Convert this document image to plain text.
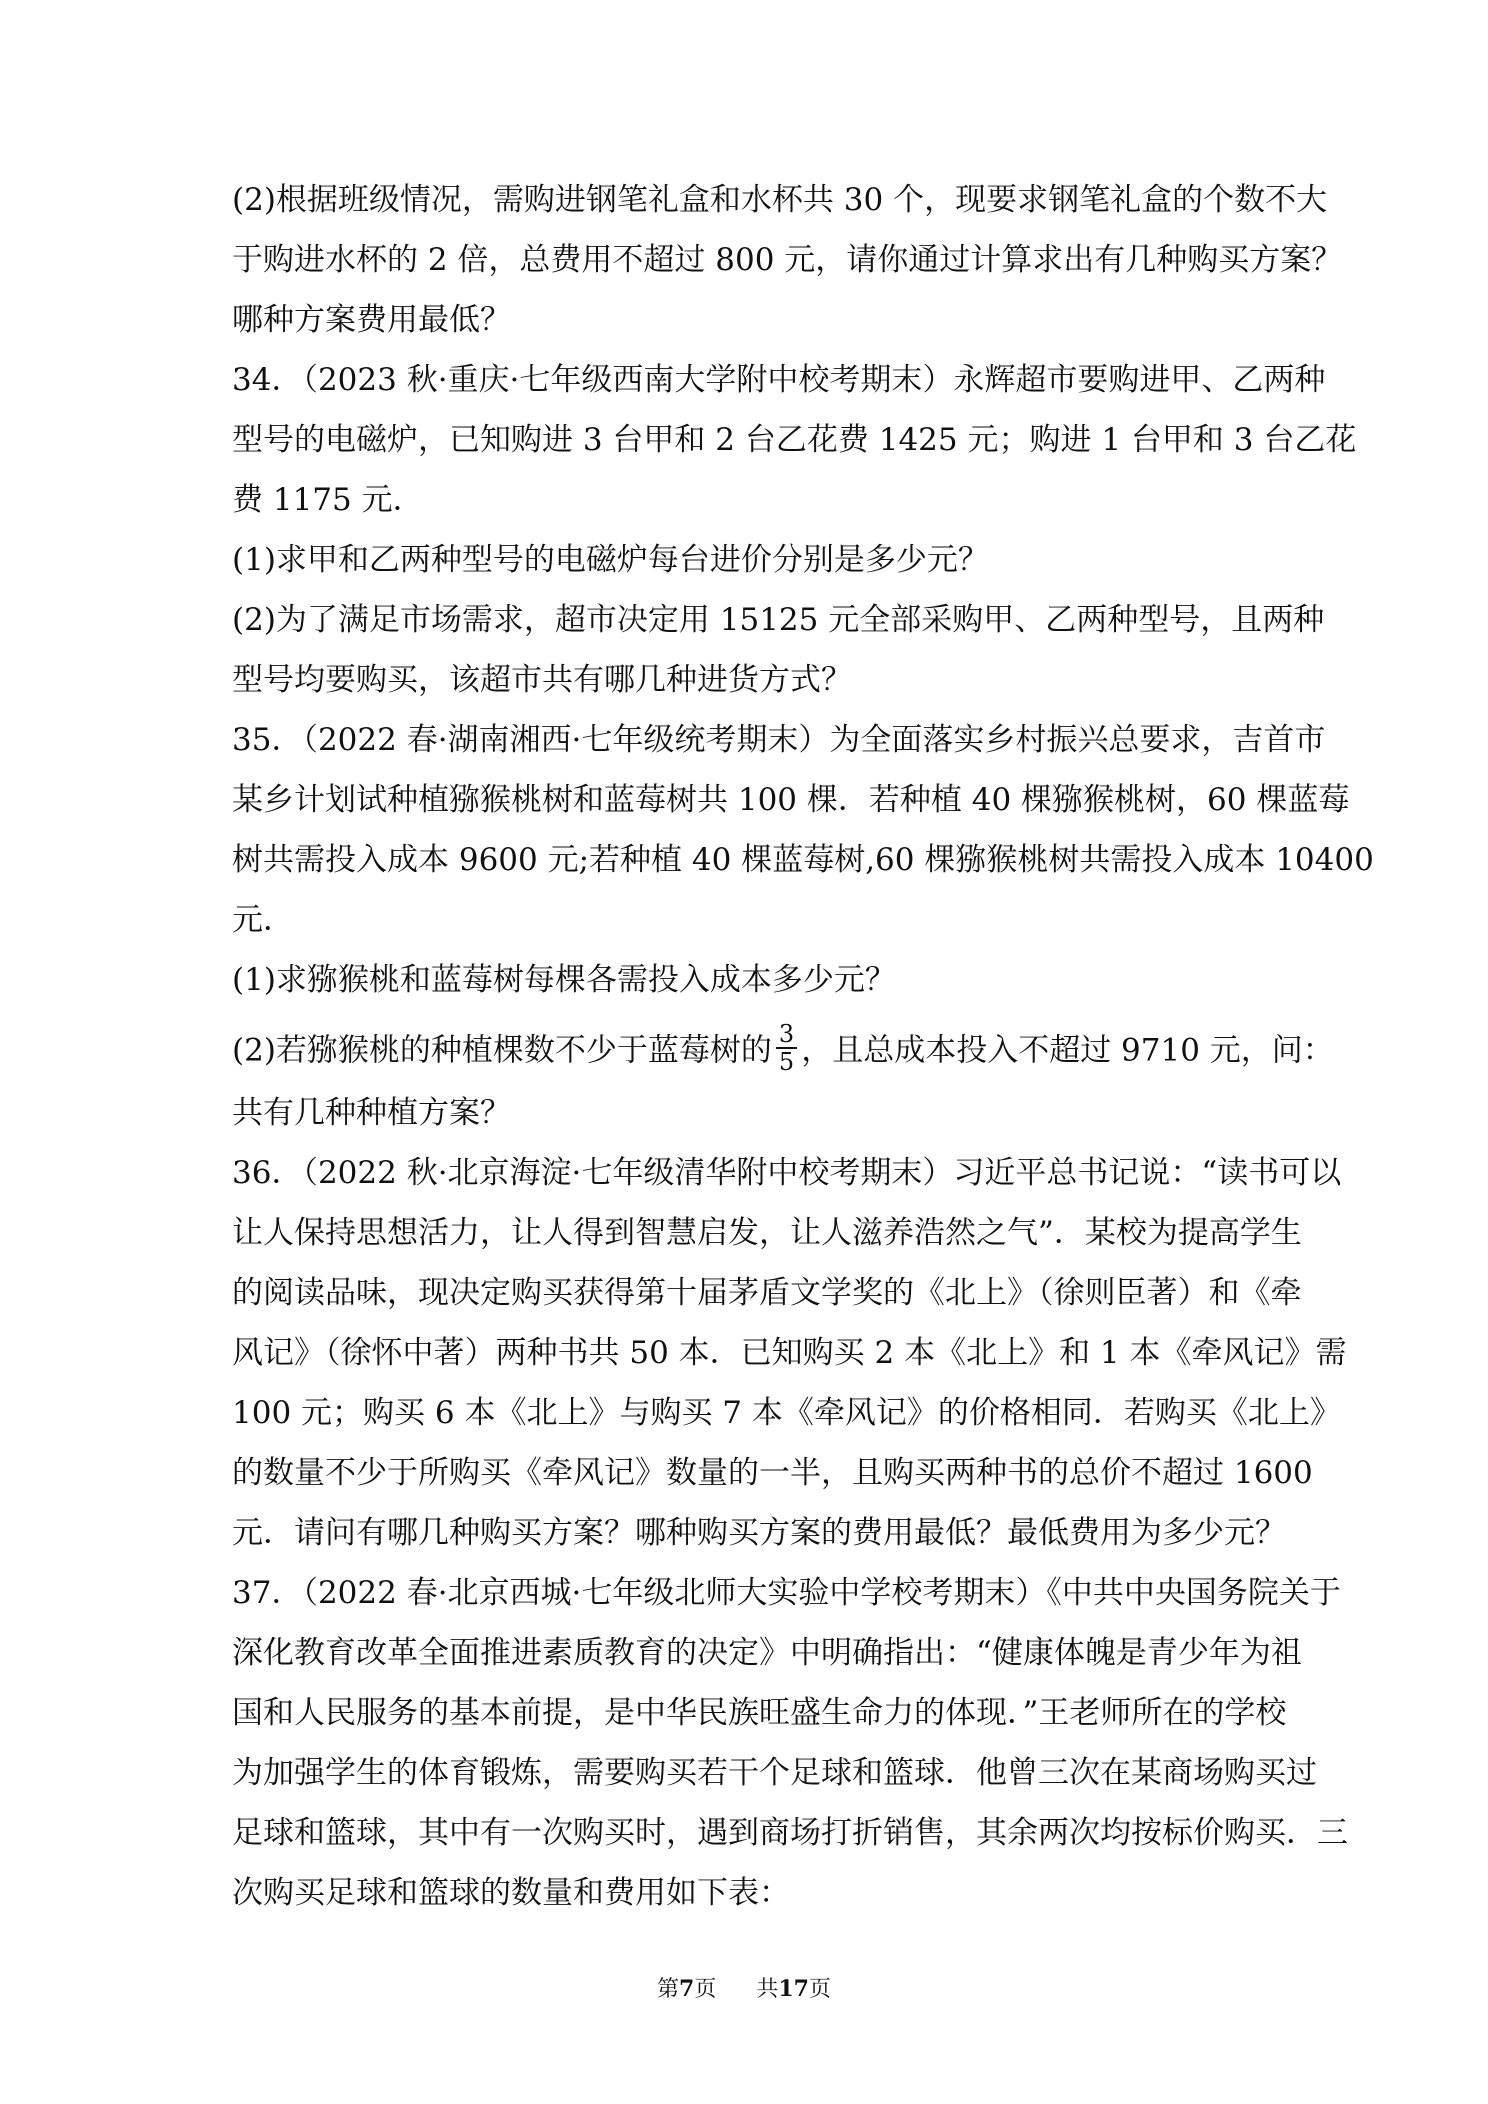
(2)根据班级情况，需购进钢笔礼盒和水杯共 30 个，现要求钢笔礼盒的个数不大
于购进水杯的 2 倍，总费用不超过 800 元，请你通过计算求出有几种购买方案？
哪种方案费用最低？
34．（2023 秋·重庆·七年级西南大学附中校考期末）永辉超市要购进甲、乙两种
型号的电磁炉，已知购进 3 台甲和 2 台乙花费 1425 元；购进 1 台甲和 3 台乙花
费 1175 元．
(1)求甲和乙两种型号的电磁炉每台进价分别是多少元？
(2)为了满足市场需求，超市决定用 15125 元全部采购甲、乙两种型号，且两种
型号均要购买，该超市共有哪几种进货方式？
35．（2022 春·湖南湘西·七年级统考期末）为全面落实乡村振兴总要求，吉首市
某乡计划试种植猕猴桃树和蓝莓树共 100 棵．若种植 40 棵猕猴桃树，60 棵蓝莓
树共需投入成本 9600 元;若种植 40 棵蓝莓树,60 棵猕猴桃树共需投入成本 10400
元．
(1)求猕猴桃和蓝莓树每棵各需投入成本多少元？
(2)若猕猴桃的种植棵数不少于蓝莓树的 $\frac{3}{5}$ ，且总成本投入不超过 9710 元，问：
共有几种种植方案？
36．（2022 秋·北京海淀·七年级清华附中校考期末）习近平总书记说：“读书可以
让人保持思想活力，让人得到智慧启发，让人滋养浩然之气”．某校为提高学生
的阅读品味，现决定购买获得第十届茅盾文学奖的《北上》（徐则臣著）和《牵
风记》（徐怀中著）两种书共 50 本．已知购买 2 本《北上》和 1 本《牵风记》需
100 元；购买 6 本《北上》与购买 7 本《牵风记》的价格相同．若购买《北上》
的数量不少于所购买《牵风记》数量的一半，且购买两种书的总价不超过 1600
元．请问有哪几种购买方案？哪种购买方案的费用最低？最低费用为多少元？
37．（2022 春·北京西城·七年级北师大实验中学校考期末）《中共中央国务院关于
深化教育改革全面推进素质教育的决定》中明确指出：“健康体魄是青少年为祖
国和人民服务的基本前提，是中华民族旺盛生命力的体现．”王老师所在的学校
为加强学生的体育锻炼，需要购买若干个足球和篮球．他曾三次在某商场购买过
足球和篮球，其中有一次购买时，遇到商场打折销售，其余两次均按标价购买．三
次购买足球和篮球的数量和费用如下表：
第7页 共17页
